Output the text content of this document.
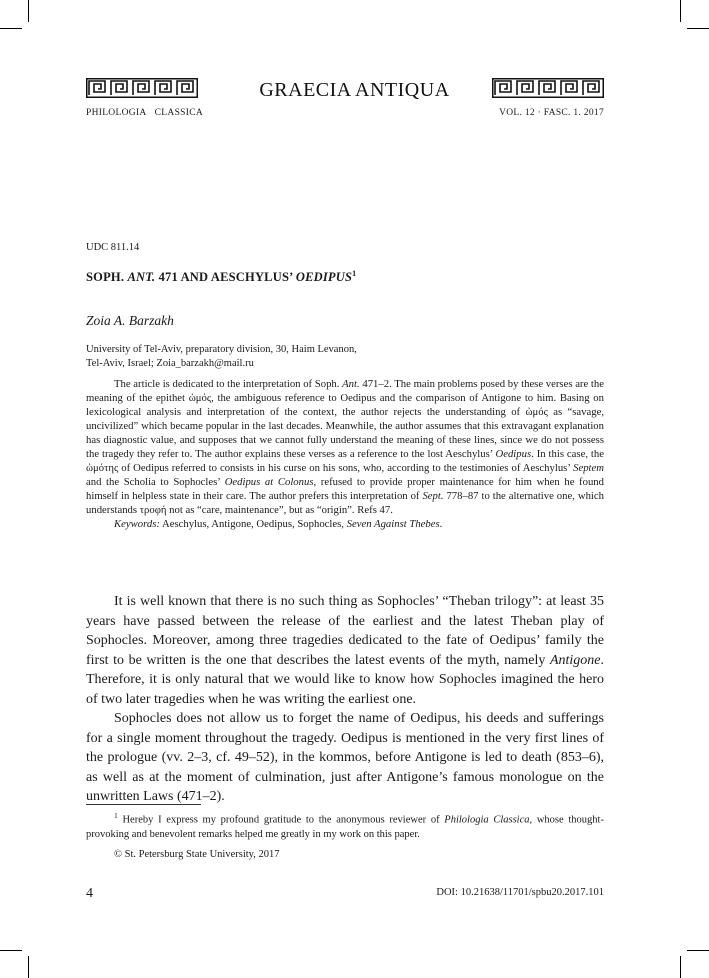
GRAECIA ANTIQUA
PHILOLOGIA CLASSICA	VOL. 12 · FASC. 1. 2017
UDC 811.14
SOPH. ANT. 471 AND AESCHYLUS’ OEDIPUS$^1$
Zoia A. Barzakh
University of Tel-Aviv, preparatory division, 30, Haim Levanon,
Tel-Aviv, Israel; Zoia_barzakh@mail.ru

The article is dedicated to the interpretation of Soph. Ant. 471–2. The main problems posed by these verses are the meaning of the epithet ὠμός, the ambiguous reference to Oedipus and the comparison of Antigone to him. Basing on lexicological analysis and interpretation of the context, the author rejects the understanding of ὠμός as “savage, uncivilized” which became popular in the last decades. Meanwhile, the author assumes that this extravagant explanation has diagnostic value, and supposes that we cannot fully understand the meaning of these lines, since we do not possess the tragedy they refer to. The author explains these verses as a reference to the lost Aeschylus’ Oedipus. In this case, the ὠμότης of Oedipus referred to consists in his curse on his sons, who, according to the testimonies of Aeschylus’ Septem and the Scholia to Sophocles’ Oedipus at Colonus, refused to provide proper maintenance for him when he found himself in helpless state in their care. The author prefers this interpretation of Sept. 778–87 to the alternative one, which understands τροφή not as “care, maintenance”, but as “origin”. Refs 47.

Keywords: Aeschylus, Antigone, Oedipus, Sophocles, Seven Against Thebes.

It is well known that there is no such thing as Sophocles’ “Theban trilogy”: at least 35 years have passed between the release of the earliest and the latest Theban play of Sophocles. Moreover, among three tragedies dedicated to the fate of Oedipus’ family the first to be written is the one that describes the latest events of the myth, namely Antigone. Therefore, it is only natural that we would like to know how Sophocles imagined the hero of two later tragedies when he was writing the earliest one.

Sophocles does not allow us to forget the name of Oedipus, his deeds and sufferings for a single moment throughout the tragedy. Oedipus is mentioned in the very first lines of the prologue (vv. 2–3, cf. 49–52), in the kommos, before Antigone is led to death (853–6), as well as at the moment of culmination, just after Antigone’s famous monologue on the unwritten Laws (471–2).

$^1$ Hereby I express my profound gratitude to the anonymous reviewer of Philologia Classica, whose thought-provoking and benevolent remarks helped me greatly in my work on this paper.

© St. Petersburg State University, 2017
4	DOI: 10.21638/11701/spbu20.2017.101
